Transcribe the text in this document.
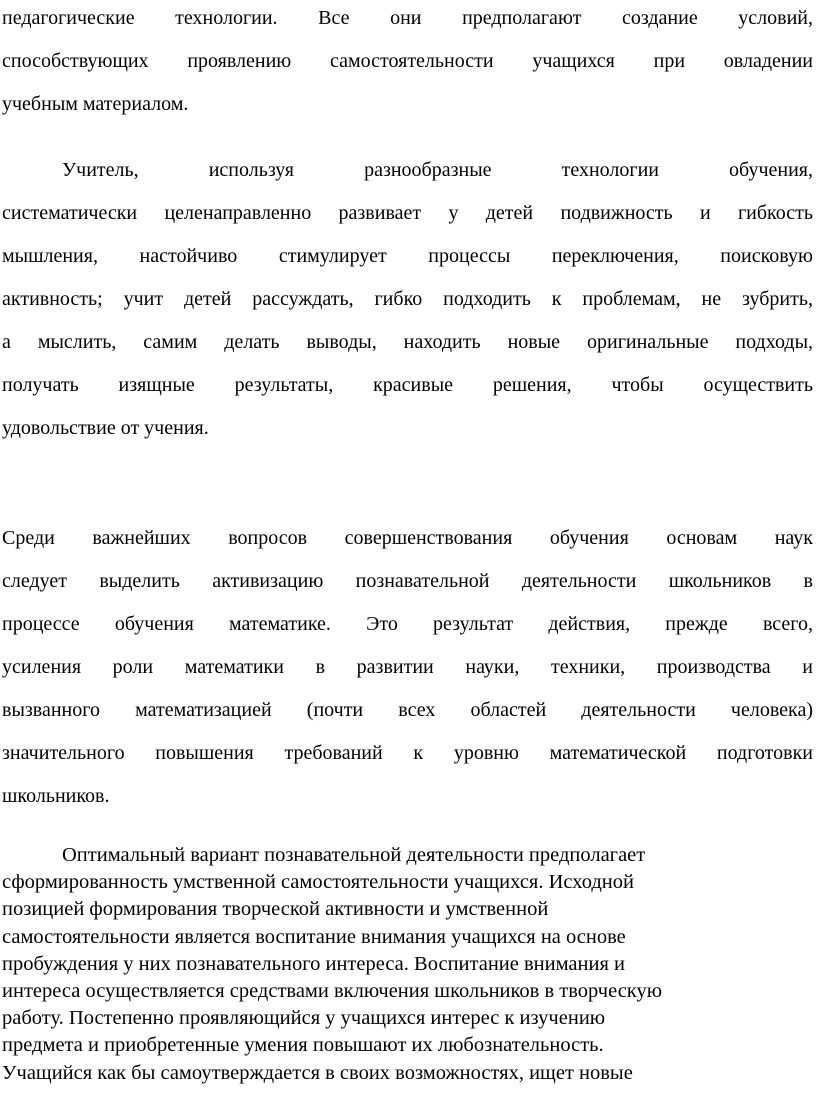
педагогические технологии. Все они предполагают создание условий,
способствующих проявлению самостоятельности учащихся при овладении
учебным материалом.
Учитель, используя разнообразные технологии обучения,
систематически целенаправленно развивает у детей подвижность и гибкость
мышления, настойчиво стимулирует процессы переключения, поисковую
активность; учит детей рассуждать, гибко подходить к проблемам, не зубрить,
а мыслить, самим делать выводы, находить новые оригинальные подходы,
получать изящные результаты, красивые решения, чтобы осуществить
удовольствие от учения.
Среди важнейших вопросов совершенствования обучения основам наук
следует выделить активизацию познавательной деятельности школьников в
процессе обучения математике. Это результат действия, прежде всего,
усиления роли математики в развитии науки, техники, производства и
вызванного математизацией (почти всех областей деятельности человека)
значительного повышения требований к уровню математической подготовки
школьников.
Оптимальный вариант познавательной деятельности предполагает
сформированность умственной самостоятельности учащихся. Исходной
позицией формирования творческой активности и умственной
самостоятельности является воспитание внимания учащихся на основе
пробуждения у них познавательного интереса. Воспитание внимания и
интереса осуществляется средствами включения школьников в творческую
работу. Постепенно проявляющийся у учащихся интерес к изучению
предмета и приобретенные умения повышают их любознательность.
Учащийся как бы самоутверждается в своих возможностях, ищет новые
